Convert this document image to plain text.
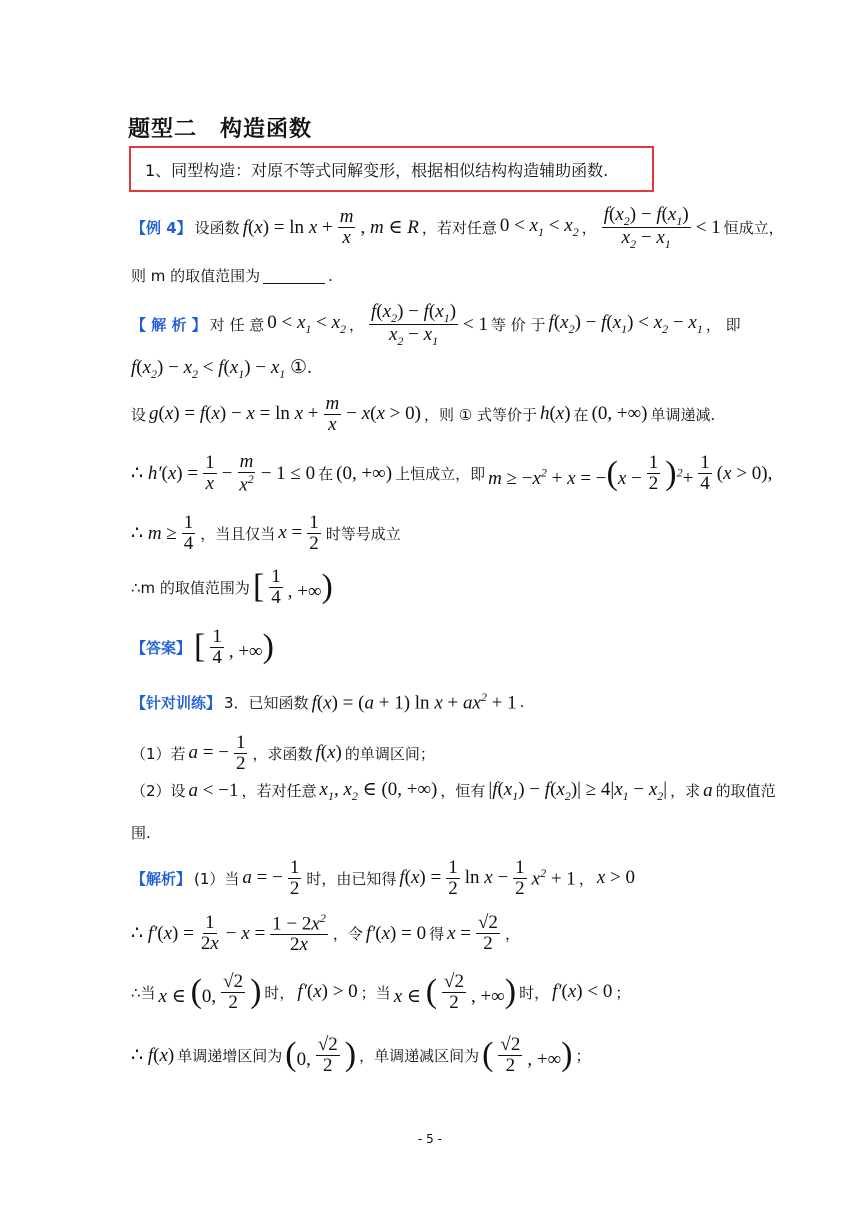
题型二　构造函数
1、同型构造：对原不等式同解变形，根据相似结构构造辅助函数.
【例 4】 设函数 $f(x) = \ln x + \frac{m}{x}$ , m ∈ R ，若对任意 $0 < x_1 < x_2$ ， $\frac{f(x_2) - f(x_1)}{x_2 - x_1} < 1$ 恒成立，
则 m 的取值范围为	.
【 解 析 】 对 任 意 $0 < x_1 < x_2$ ， $\frac{f(x_2) - f(x_1)}{x_2 - x_1} < 1$ 等 价 于 $f(x_2) - f(x_1) < x_2 - x_1$ ， 即
$f(x_2) - x_2 < f(x_1) - x_1$ ①.
设 $g(x) = f(x) - x = \ln x + \frac{m}{x} - x(x > 0)$ ，则 ① 式等价于 h(x) 在 (0, +∞) 单调递减.
∴ $h'(x) = \frac{1}{x} - \frac{m}{x^2} - 1 \le 0$ 在 (0, +∞) 上恒成立，即 $m \ge -x^2 + x = -(x - \frac{1}{2} )^2+ \frac{1}{4} (x > 0)$,
∴ $m \ge \frac{1}{4}$ ，当且仅当 $x = \frac{1}{2}$ 时等号成立
∴m 的取值范围为 [ $\frac{1}{4}$ , +∞)
【答案】 [ $\frac{1}{4}$ , +∞)
【针对训练】 3．已知函数 f(x) = (a + 1) $\ln x + ax^2 + 1$ .
（1）若 a = − $\frac{1}{2}$ ，求函数 f(x) 的单调区间；
（2）设 a < −1 ，若对任意 $x_1$, $x_2$ ∈ (0, +∞) ，恒有 $|f(x_1) - f(x_2)| \ge 4|x_1 - x_2|$ ，求 a 的取值范
围.
【解析】 (1）当 a = − $\frac{1}{2}$ 时，由已知得 $f(x) = \frac{1}{2}$ $\ln x - \frac{1}{2} x^2 + 1$ ， x > 0
∴ $f'(x) = \frac{1}{2x} - x = \frac{1 - 2x^2}{2x}$ ，令 f′(x) = 0 得 $x = \frac{√2}{2}$ ，
∴当 x ∈ (0, $\frac{√2}{2}$ ) 时， f′(x) > 0 ；当 x ∈ ( $\frac{√2}{2}$ , +∞) 时， f′(x) < 0 ；
∴ f(x) 单调递增区间为 (0, $\frac{√2}{2}$ ) ，单调递减区间为 ( $\frac{√2}{2}$ , +∞) ；
- 5 -
